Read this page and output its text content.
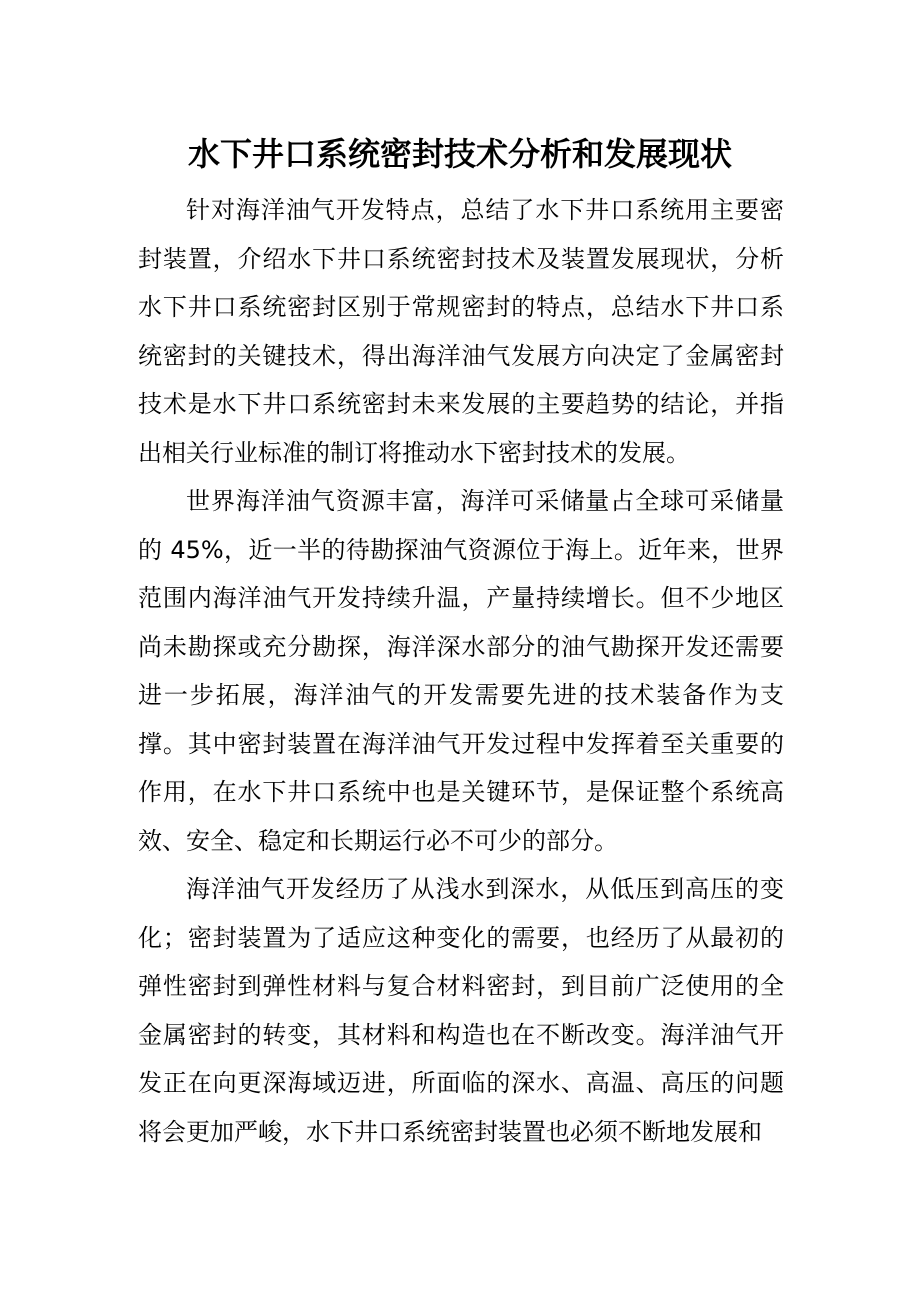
水下井口系统密封技术分析和发展现状

针对海洋油气开发特点，总结了水下井口系统用主要密封装置，介绍水下井口系统密封技术及装置发展现状，分析水下井口系统密封区别于常规密封的特点，总结水下井口系统密封的关键技术，得出海洋油气发展方向决定了金属密封技术是水下井口系统密封未来发展的主要趋势的结论，并指出相关行业标准的制订将推动水下密封技术的发展。

世界海洋油气资源丰富，海洋可采储量占全球可采储量的 45%，近一半的待勘探油气资源位于海上。近年来，世界范围内海洋油气开发持续升温，产量持续增长。但不少地区尚未勘探或充分勘探，海洋深水部分的油气勘探开发还需要进一步拓展，海洋油气的开发需要先进的技术装备作为支撑。其中密封装置在海洋油气开发过程中发挥着至关重要的作用，在水下井口系统中也是关键环节，是保证整个系统高效、安全、稳定和长期运行必不可少的部分。

海洋油气开发经历了从浅水到深水，从低压到高压的变化；密封装置为了适应这种变化的需要，也经历了从最初的弹性密封到弹性材料与复合材料密封，到目前广泛使用的全金属密封的转变，其材料和构造也在不断改变。海洋油气开发正在向更深海域迈进，所面临的深水、高温、高压的问题将会更加严峻，水下井口系统密封装置也必须不断地发展和
